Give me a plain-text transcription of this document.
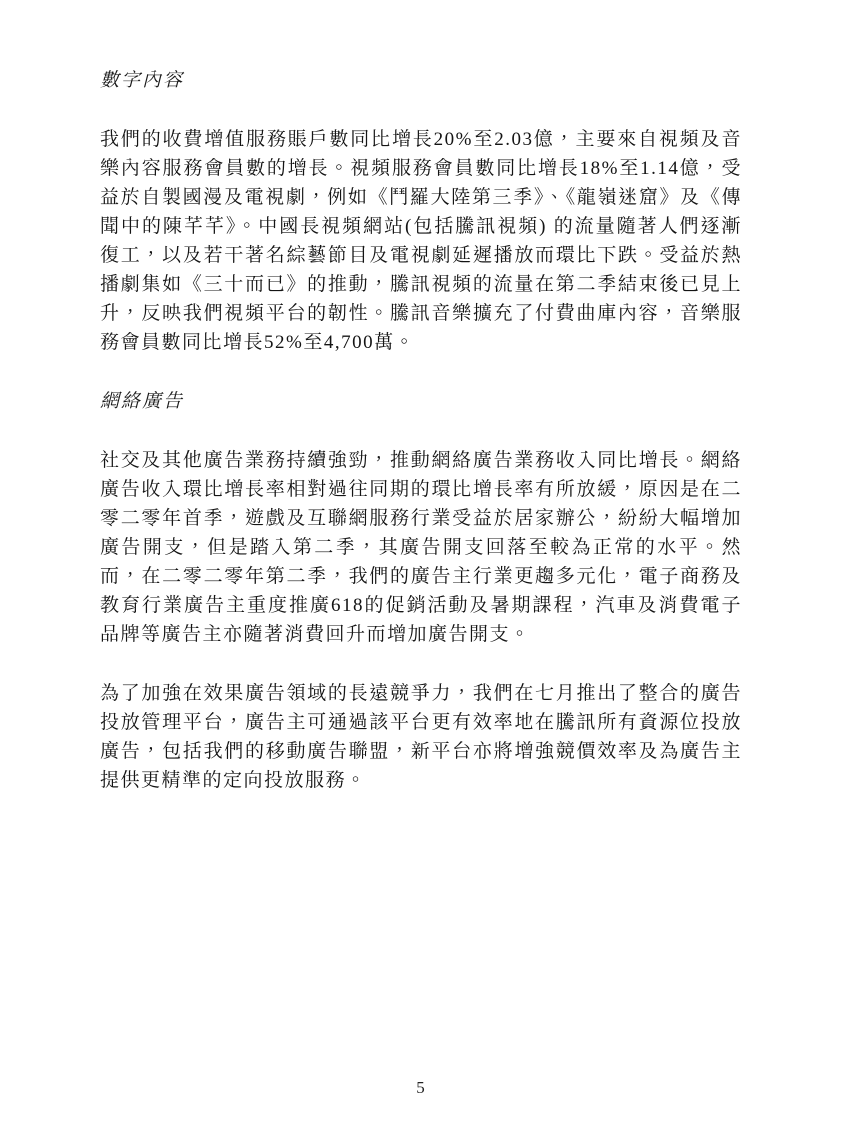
數字內容

我們的收費增值服務賬戶數同比增長20%至2.03億，主要來自視頻及音樂內容服務會員數的增長。視頻服務會員數同比增長18%至1.14億，受益於自製國漫及電視劇，例如《鬥羅大陸第三季》、《龍嶺迷窟》及《傳聞中的陳芊芊》。中國長視頻網站(包括騰訊視頻) 的流量隨著人們逐漸復工，以及若干著名綜藝節目及電視劇延遲播放而環比下跌。受益於熱播劇集如《三十而已》的推動，騰訊視頻的流量在第二季結束後已見上升，反映我們視頻平台的韌性。騰訊音樂擴充了付費曲庫內容，音樂服務會員數同比增長52%至4,700萬。

網絡廣告

社交及其他廣告業務持續強勁，推動網絡廣告業務收入同比增長。網絡廣告收入環比增長率相對過往同期的環比增長率有所放緩，原因是在二零二零年首季，遊戲及互聯網服務行業受益於居家辦公，紛紛大幅增加廣告開支，但是踏入第二季，其廣告開支回落至較為正常的水平。然而，在二零二零年第二季，我們的廣告主行業更趨多元化，電子商務及教育行業廣告主重度推廣618的促銷活動及暑期課程，汽車及消費電子品牌等廣告主亦隨著消費回升而增加廣告開支。

為了加強在效果廣告領域的長遠競爭力，我們在七月推出了整合的廣告投放管理平台，廣告主可通過該平台更有效率地在騰訊所有資源位投放廣告，包括我們的移動廣告聯盟，新平台亦將增強競價效率及為廣告主提供更精準的定向投放服務。

5
